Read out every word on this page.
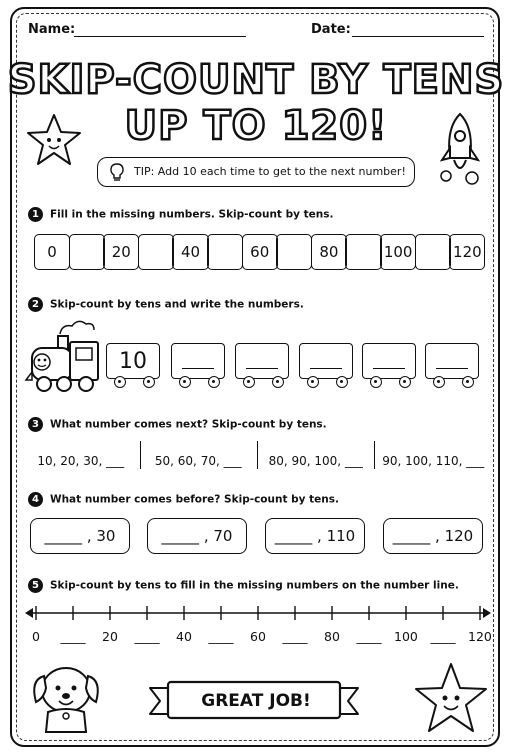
Name:	Date:
SKIP-COUNT BY TENS
UP TO 120!
TIP: Add 10 each time to get to the next number!
1 Fill in the missing numbers. Skip-count by tens.
0	20	40	60	80	100	120
2 Skip-count by tens and write the numbers.
10
3 What number comes next? Skip-count by tens.
10, 20, 30, ___	50, 60, 70, ___	80, 90, 100, ___	90, 100, 110, ___
4 What number comes before? Skip-count by tens.
_____ , 30	_____ , 70	_____ , 110	_____ , 120
5 Skip-count by tens to fill in the missing numbers on the number line.
0 ____ 20 ____ 40 ____ 60 ____ 80 ____ 100 ____ 120
GREAT JOB!
